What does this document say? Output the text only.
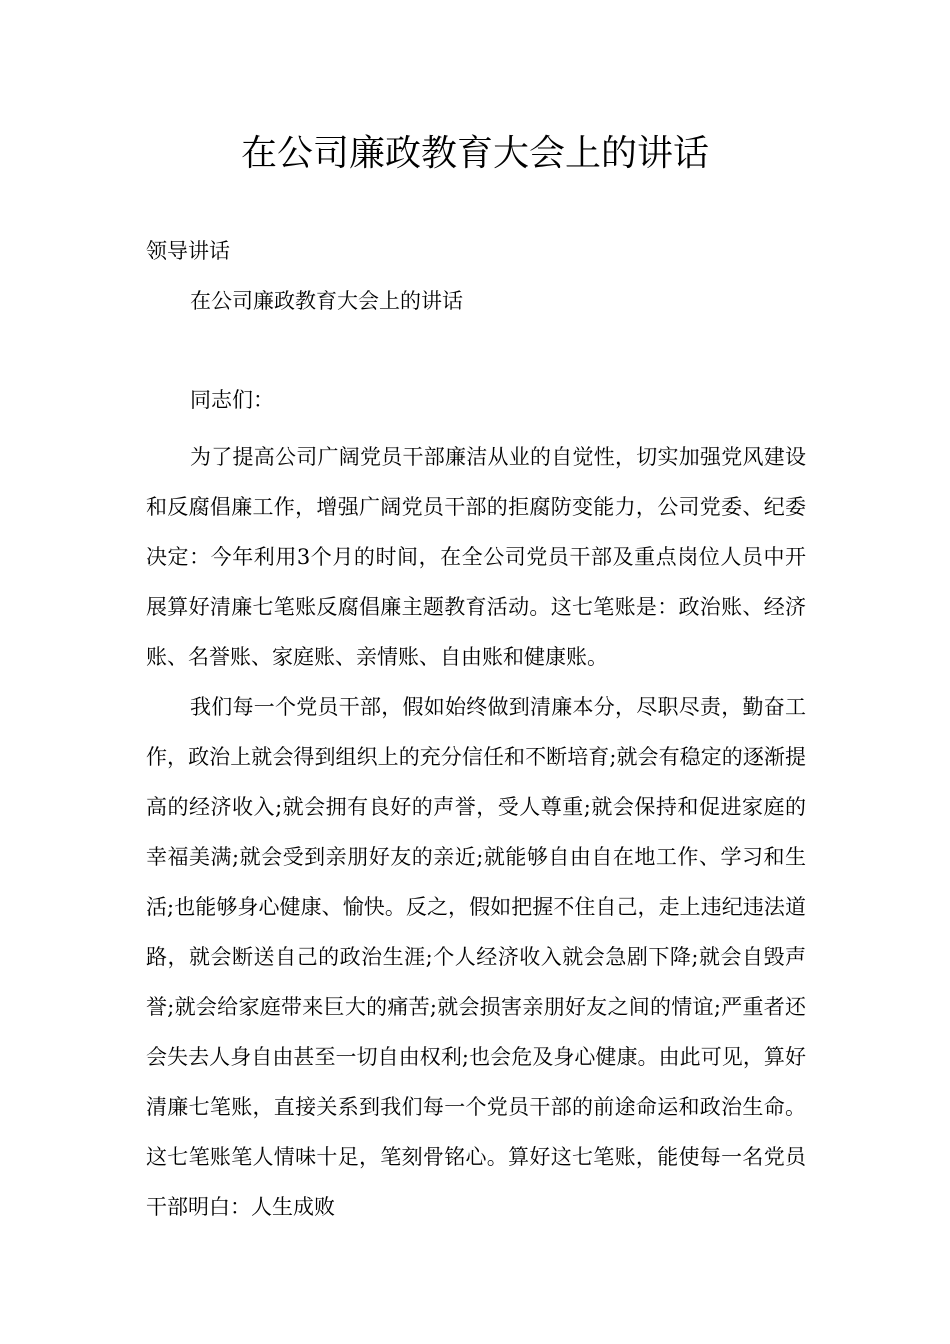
在公司廉政教育大会上的讲话
领导讲话
在公司廉政教育大会上的讲话
同志们：

为了提高公司广阔党员干部廉洁从业的自觉性，切实加强党风建设和反腐倡廉工作，增强广阔党员干部的拒腐防变能力，公司党委、纪委决定：今年利用3个月的时间，在全公司党员干部及重点岗位人员中开展算好清廉七笔账反腐倡廉主题教育活动。这七笔账是：政治账、经济账、名誉账、家庭账、亲情账、自由账和健康账。

我们每一个党员干部，假如始终做到清廉本分，尽职尽责，勤奋工作，政治上就会得到组织上的充分信任和不断培育;就会有稳定的逐渐提高的经济收入;就会拥有良好的声誉，受人尊重;就会保持和促进家庭的幸福美满;就会受到亲朋好友的亲近;就能够自由自在地工作、学习和生活;也能够身心健康、愉快。反之，假如把握不住自己，走上违纪违法道路，就会断送自己的政治生涯;个人经济收入就会急剧下降;就会自毁声誉;就会给家庭带来巨大的痛苦;就会损害亲朋好友之间的情谊;严重者还会失去人身自由甚至一切自由权利;也会危及身心健康。由此可见，算好清廉七笔账，直接关系到我们每一个党员干部的前途命运和政治生命。这七笔账笔人情味十足，笔刻骨铭心。算好这七笔账，能使每一名党员干部明白：人生成败
